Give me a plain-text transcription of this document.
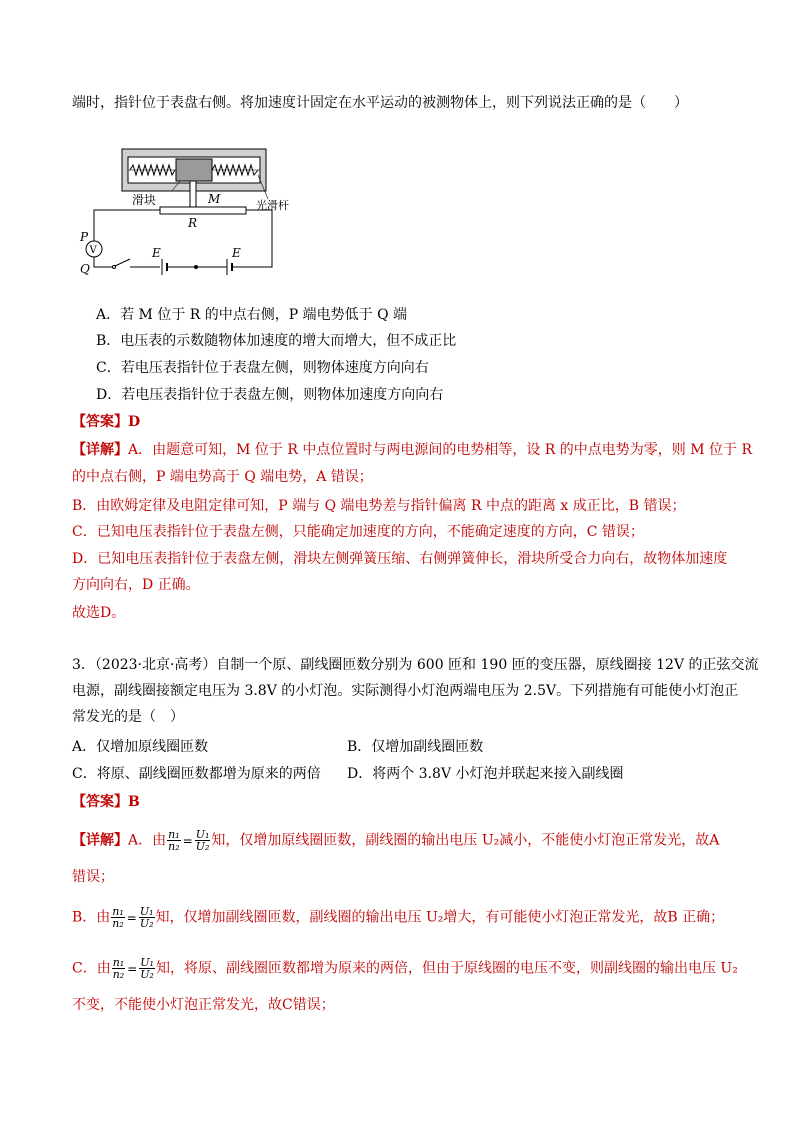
端时，指针位于表盘右侧。将加速度计固定在水平运动的被测物体上，则下列说法正确的是（　　）
滑块	M	光滑杆
R
E	E
V
P
Q
A．若 M 位于 R 的中点右侧，P 端电势低于 Q 端
B．电压表的示数随物体加速度的增大而增大，但不成正比
C．若电压表指针位于表盘左侧，则物体速度方向向右
D．若电压表指针位于表盘左侧，则物体加速度方向向右
【答案】D
【详解】A．由题意可知，M 位于 R 中点位置时与两电源间的电势相等，设 R 的中点电势为零，则 M 位于 R
的中点右侧，P 端电势高于 Q 端电势，A 错误；
B．由欧姆定律及电阻定律可知，P 端与 Q 端电势差与指针偏离 R 中点的距离 x 成正比，B 错误；
C．已知电压表指针位于表盘左侧，只能确定加速度的方向，不能确定速度的方向，C 错误；
D．已知电压表指针位于表盘左侧，滑块左侧弹簧压缩、右侧弹簧伸长，滑块所受合力向右，故物体加速度
方向向右，D 正确。
故选D。
3．（2023·北京·高考）自制一个原、副线圈匝数分别为 600 匝和 190 匝的变压器，原线圈接 12V 的正弦交流
电源，副线圈接额定电压为 3.8V 的小灯泡。实际测得小灯泡两端电压为 2.5V。下列措施有可能使小灯泡正
常发光的是（　）
A．仅增加原线圈匝数	B．仅增加副线圈匝数
C．将原、副线圈匝数都增为原来的两倍 D．将两个 3.8V 小灯泡并联起来接入副线圈
【答案】B
【详解】A．由 $\frac{\text{n₁}}{\text{n₂}} = \frac{\text{U₁}}{\text{U₂}}$ 知，仅增加原线圈匝数，副线圈的输出电压 U₂减小，不能使小灯泡正常发光，故A
错误；
B．由 $\frac{\text{n₁}}{\text{n₂}} = \frac{\text{U₁}}{\text{U₂}}$ 知，仅增加副线圈匝数，副线圈的输出电压 U₂增大，有可能使小灯泡正常发光，故B 正确；
C．由 $\frac{\text{n₁}}{\text{n₂}} = \frac{\text{U₁}}{\text{U₂}}$ 知，将原、副线圈匝数都增为原来的两倍，但由于原线圈的电压不变，则副线圈的输出电压 U₂
不变，不能使小灯泡正常发光，故C错误；
